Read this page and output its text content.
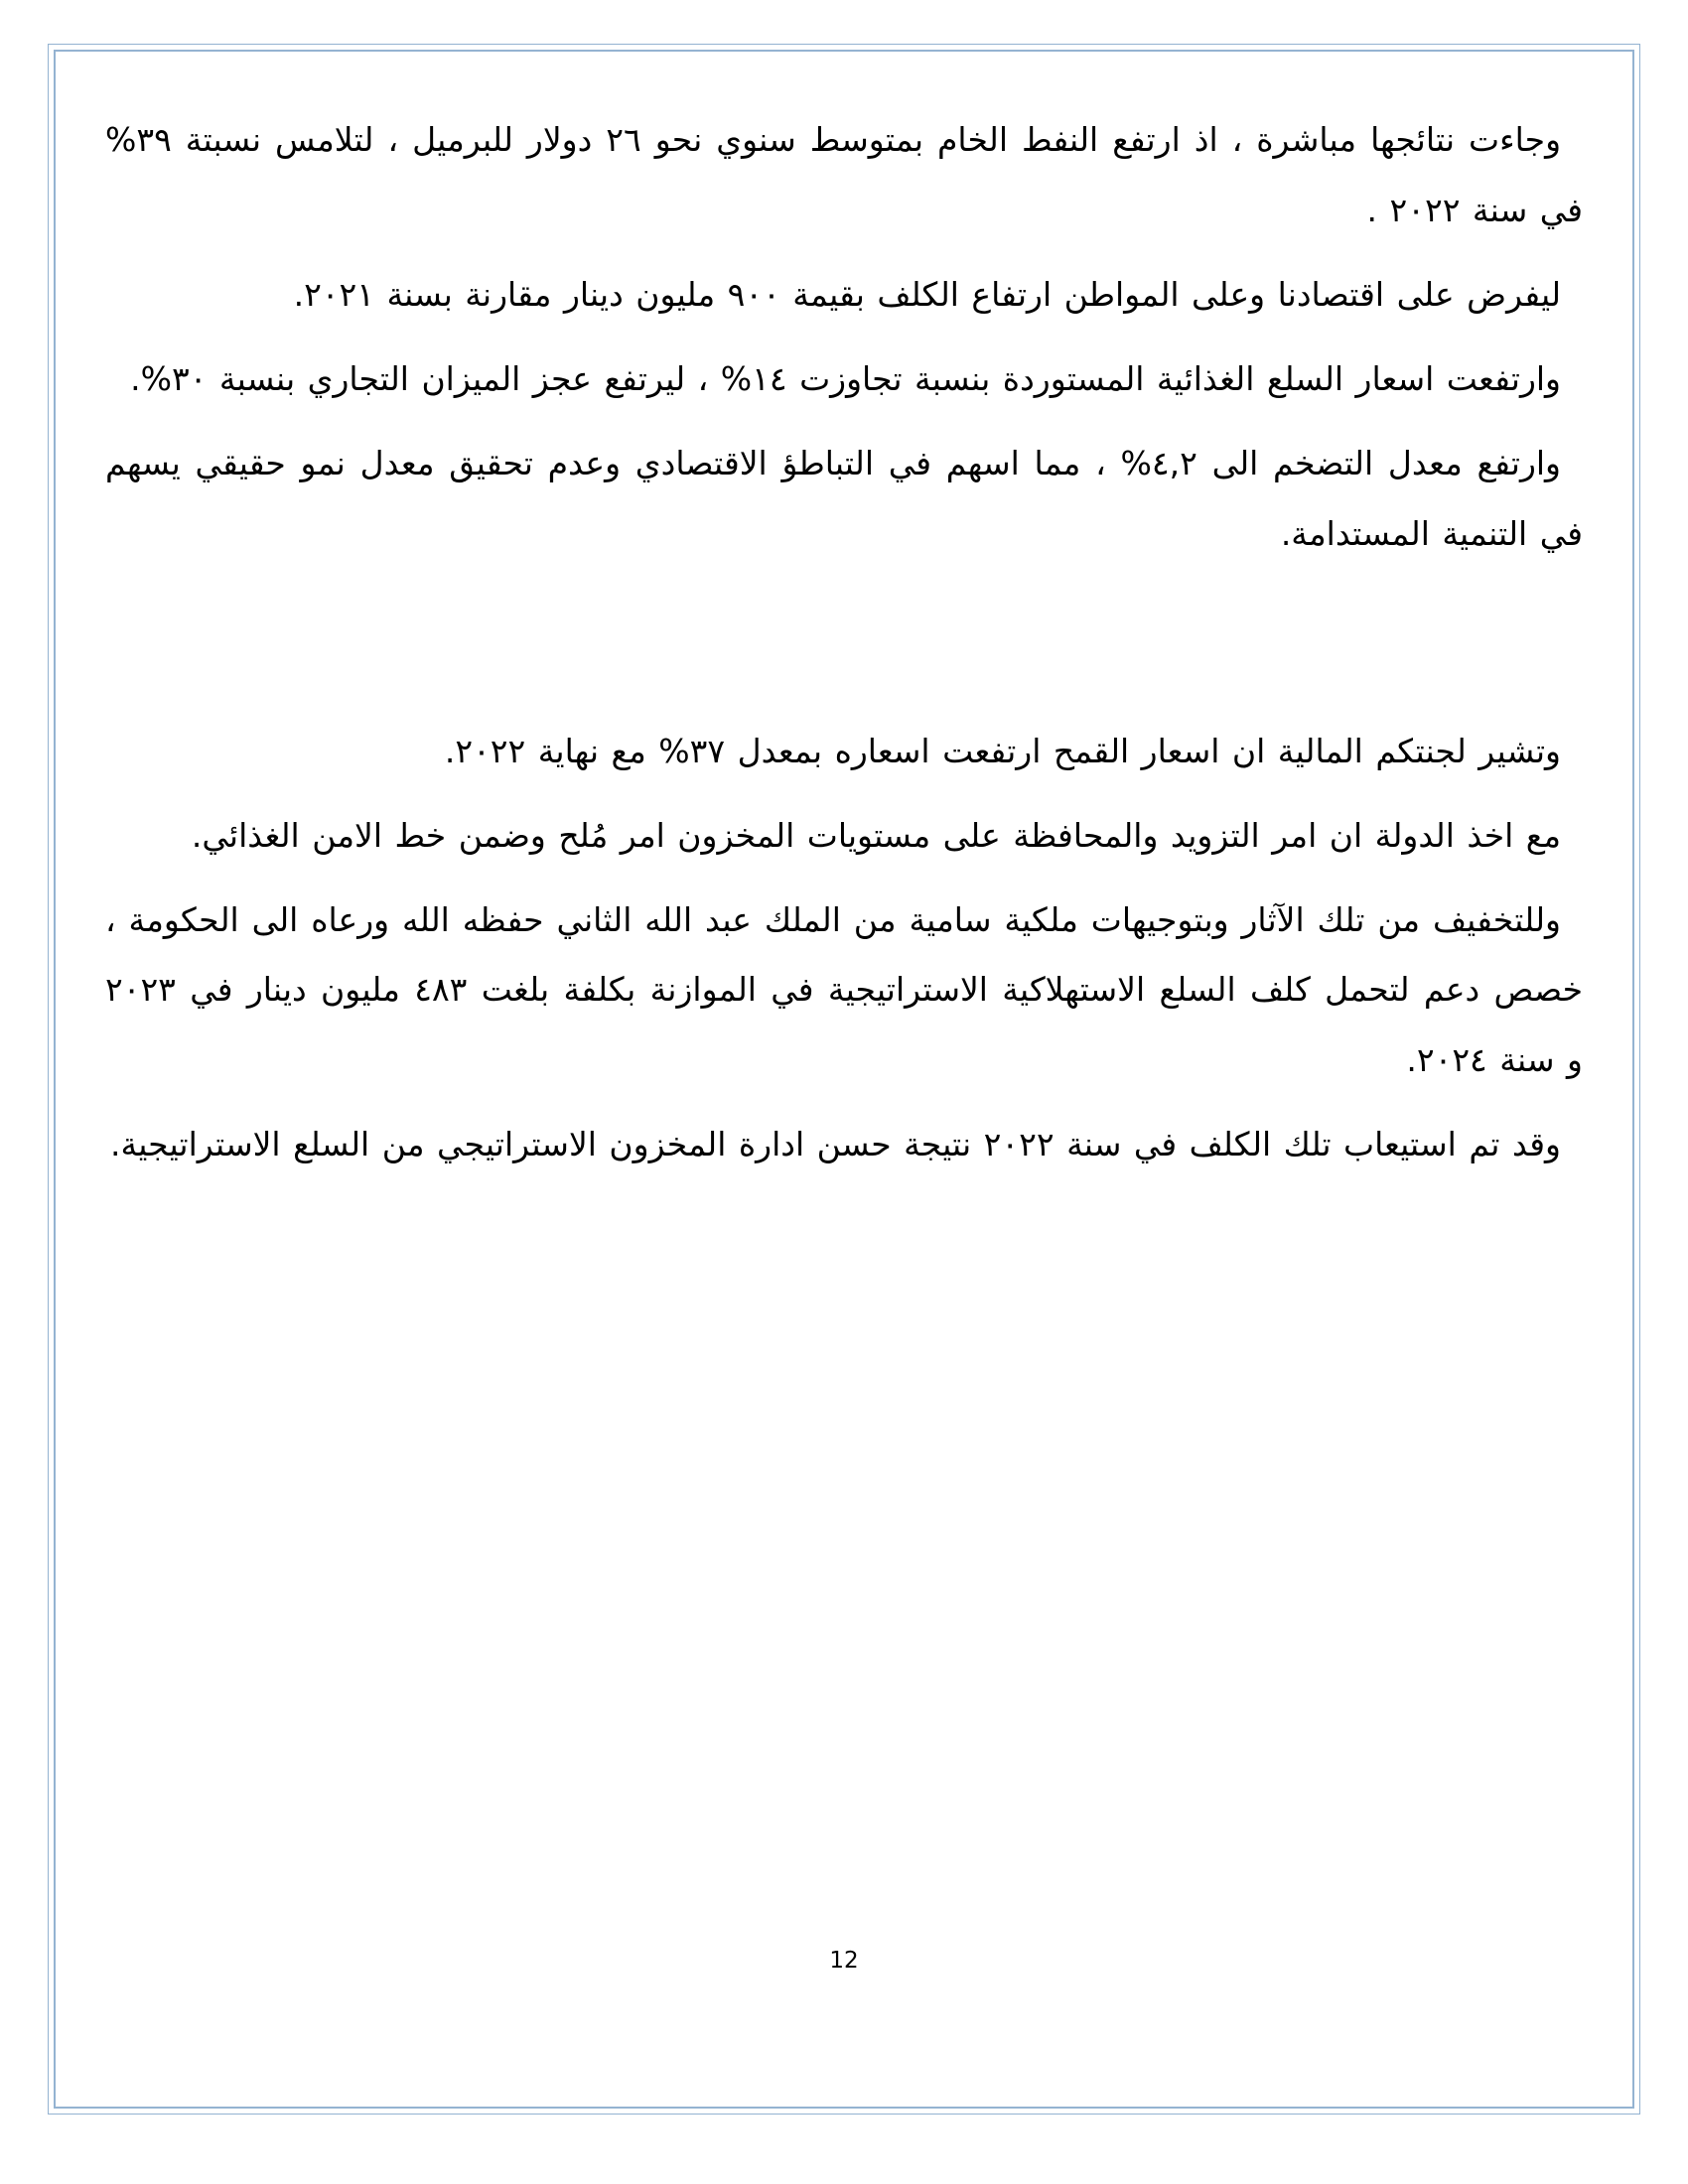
وجاءت نتائجها مباشرة ، اذ ارتفع النفط الخام بمتوسط سنوي نحو ٢٦ دولار للبرميل ، لتلامس نسبتة ٣٩% في سنة ٢٠٢٢ .

ليفرض على اقتصادنا وعلى المواطن ارتفاع الكلف بقيمة ٩٠٠ مليون دينار مقارنة بسنة ٢٠٢١.

وارتفعت اسعار السلع الغذائية المستوردة بنسبة تجاوزت ١٤% ، ليرتفع عجز الميزان التجاري بنسبة ٣٠%.

وارتفع معدل التضخم الى ٤,٢% ، مما اسهم في التباطؤ الاقتصادي وعدم تحقيق معدل نمو حقيقي يسهم في التنمية المستدامة.

وتشير لجنتكم المالية ان اسعار القمح ارتفعت اسعاره بمعدل ٣٧% مع نهاية ٢٠٢٢.

مع اخذ الدولة ان امر التزويد والمحافظة على مستويات المخزون امر مُلح وضمن خط الامن الغذائي.

وللتخفيف من تلك الآثار وبتوجيهات ملكية سامية من الملك عبد الله الثاني حفظه الله ورعاه الى الحكومة ، خصص دعم لتحمل كلف السلع الاستهلاكية الاستراتيجية في الموازنة بكلفة بلغت ٤٨٣ مليون دينار في ٢٠٢٣ و سنة ٢٠٢٤.

وقد تم استيعاب تلك الكلف في سنة ٢٠٢٢ نتيجة حسن ادارة المخزون الاستراتيجي من السلع الاستراتيجية.

12
